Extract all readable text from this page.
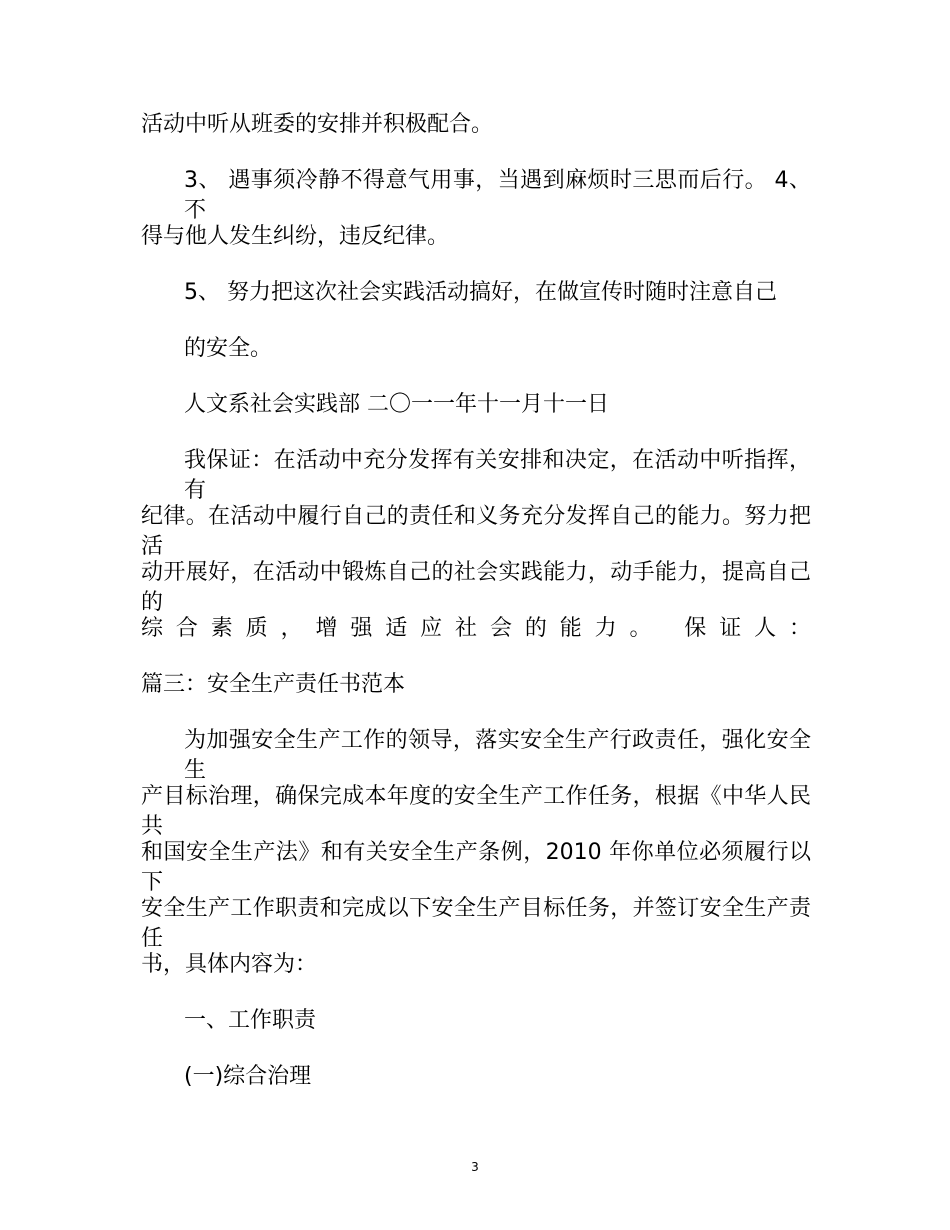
活动中听从班委的安排并积极配合。
3、 遇事须冷静不得意气用事，当遇到麻烦时三思而后行。 4、 不
得与他人发生纠纷，违反纪律。
5、 努力把这次社会实践活动搞好，在做宣传时随时注意自己
的安全。
人文系社会实践部 二〇一一年十一月十一日
我保证：在活动中充分发挥有关安排和决定，在活动中听指挥，有
纪律。在活动中履行自己的责任和义务充分发挥自己的能力。努力把活
动开展好，在活动中锻炼自己的社会实践能力，动手能力，提高自己 的
综合素质，增强适应社会的能力。 保证人：
篇三：安全生产责任书范本
为加强安全生产工作的领导，落实安全生产行政责任，强化安全生
产目标治理，确保完成本年度的安全生产工作任务，根据《中华人民共
和国安全生产法》和有关安全生产条例，2010 年你单位必须履行以下
安全生产工作职责和完成以下安全生产目标任务，并签订安全生产责任
书，具体内容为：
一、工作职责
(一)综合治理
3
